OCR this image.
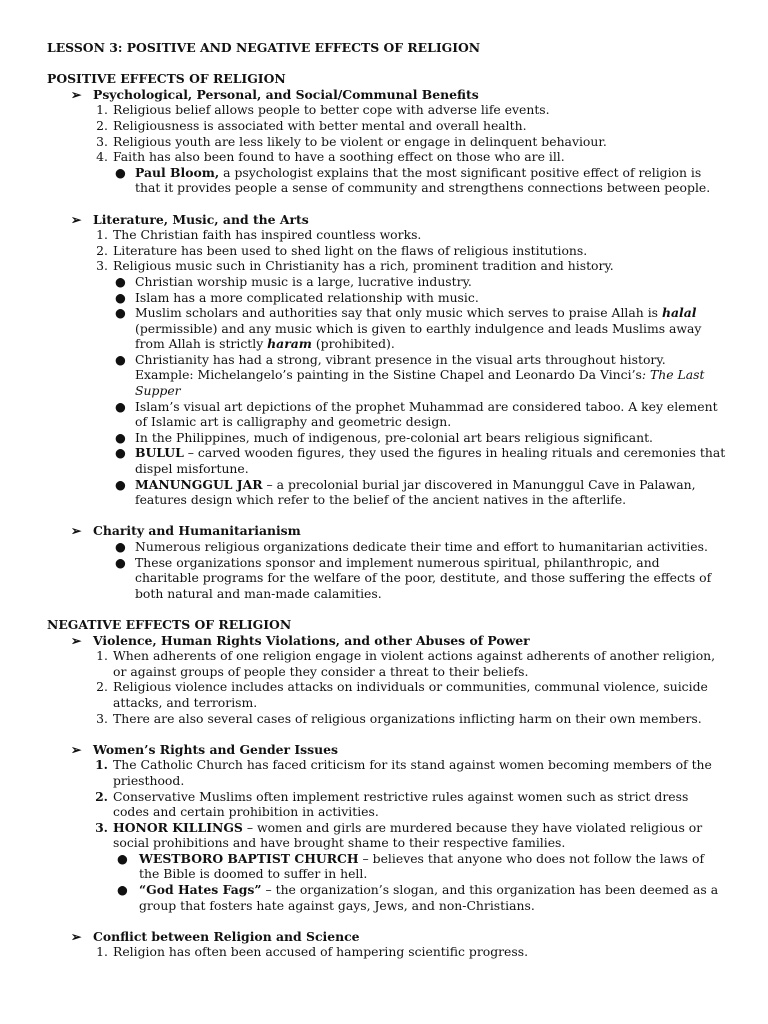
LESSON 3: POSITIVE AND NEGATIVE EFFECTS OF RELIGION
POSITIVE EFFECTS OF RELIGION
➢ Psychological, Personal, and Social/Communal Benefits
1. Religious belief allows people to better cope with adverse life events.
2. Religiousness is associated with better mental and overall health.
3. Religious youth are less likely to be violent or engage in delinquent behaviour.
4. Faith has also been found to have a soothing effect on those who are ill.
● Paul Bloom, a psychologist explains that the most significant positive effect of religion is that it provides people a sense of community and strengthens connections between people.
➢ Literature, Music, and the Arts
1. The Christian faith has inspired countless works.
2. Literature has been used to shed light on the flaws of religious institutions.
3. Religious music such in Christianity has a rich, prominent tradition and history.
● Christian worship music is a large, lucrative industry.
● Islam has a more complicated relationship with music.
● Muslim scholars and authorities say that only music which serves to praise Allah is halal (permissible) and any music which is given to earthly indulgence and leads Muslims away from Allah is strictly haram (prohibited).
● Christianity has had a strong, vibrant presence in the visual arts throughout history. Example: Michelangelo’s painting in the Sistine Chapel and Leonardo Da Vinci’s: The Last Supper
● Islam’s visual art depictions of the prophet Muhammad are considered taboo. A key element of Islamic art is calligraphy and geometric design.
● In the Philippines, much of indigenous, pre-colonial art bears religious significant.
● BULUL – carved wooden figures, they used the figures in healing rituals and ceremonies that dispel misfortune.
● MANUNGGUL JAR – a precolonial burial jar discovered in Manunggul Cave in Palawan, features design which refer to the belief of the ancient natives in the afterlife.
➢ Charity and Humanitarianism
● Numerous religious organizations dedicate their time and effort to humanitarian activities.
● These organizations sponsor and implement numerous spiritual, philanthropic, and charitable programs for the welfare of the poor, destitute, and those suffering the effects of both natural and man-made calamities.
NEGATIVE EFFECTS OF RELIGION
➢ Violence, Human Rights Violations, and other Abuses of Power
1. When adherents of one religion engage in violent actions against adherents of another religion, or against groups of people they consider a threat to their beliefs.
2. Religious violence includes attacks on individuals or communities, communal violence, suicide attacks, and terrorism.
3. There are also several cases of religious organizations inflicting harm on their own members.
➢ Women’s Rights and Gender Issues
1. The Catholic Church has faced criticism for its stand against women becoming members of the priesthood.
2. Conservative Muslims often implement restrictive rules against women such as strict dress codes and certain prohibition in activities.
3. HONOR KILLINGS – women and girls are murdered because they have violated religious or social prohibitions and have brought shame to their respective families.
● WESTBORO BAPTIST CHURCH – believes that anyone who does not follow the laws of the Bible is doomed to suffer in hell.
● “God Hates Fags” – the organization’s slogan, and this organization has been deemed as a group that fosters hate against gays, Jews, and non-Christians.
➢ Conflict between Religion and Science
1. Religion has often been accused of hampering scientific progress.
